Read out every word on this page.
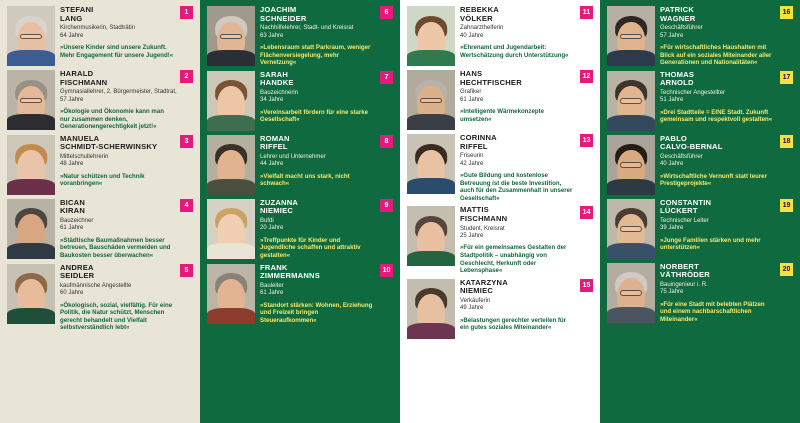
STEFANI
LANG
Kirchenmusikerin, Stadträtin
64 Jahre
»Unsere Kinder sind unsere Zukunft. Mehr Engagement für unsere Jugend!«
1
HARALD
FISCHMANN
Gymnasiallehrer, 2. Bürgermeister, Stadtrat, 57 Jahre
»Ökologie und Ökonomie kann man nur zusammen denken, Generationengerechtigkeit jetzt!«
2
MANUELA
SCHMIDT-SCHERWINSKY
Mittelschullehrerin
48 Jahre
»Natur schützen und Technik voranbringen«
3
BICAN
KIRAN
Bauzeichner
61 Jahre
»Städtische Baumaßnahmen besser betreuen, Bauschäden vermeiden und Baukosten besser überwachen«
4
ANDREA
SEIDLER
kaufmännische Angestellte
60 Jahre
»Ökologisch, sozial, vielfältig. Für eine Politik, die Natur schützt, Menschen gerecht behandelt und Vielfalt selbstverständlich lebt«
5
JOACHIM
SCHNEIDER
Nachhilfelehrer, Stadt- und Kreisrat
63 Jahre
»Lebensraum statt Parkraum, weniger Flächenversiegelung, mehr Vernetzung«
6
SARAH
HANDKE
Bauzeichnerin
34 Jahre
»Vereinsarbeit fördern für eine starke Gesellschaft«
7
ROMAN
RIFFEL
Lehrer und Unternehmer
44 Jahre
»Vielfalt macht uns stark, nicht schwach«
8
ZUZANNA
NIEMIEC
Bufdi
20 Jahre
»Treffpunkte für Kinder und Jugendliche schaffen und attraktiv gestalten«
9
FRANK
ZIMMERMANNS
Bauleiter
61 Jahre
»Standort stärken: Wohnen, Erziehung und Freizeit bringen Steueraufkommen«
10
REBEKKA
VÖLKER
Zahnarzthelferin
40 Jahre
»Ehrenamt und Jugendarbeit: Wertschätzung durch Unterstützung«
11
HANS
HECHTFISCHER
Grafiker
61 Jahre
»Intelligente Wärmekonzepte umsetzen«
12
CORINNA
RIFFEL
Friseurin
42 Jahre
»Gute Bildung und kostenlose Betreuung ist die beste Investition, auch für den Zusammenhalt in unserer Gesellschaft«
13
MATTIS
FISCHMANN
Student, Kreisrat
25 Jahre
»Für ein gemeinsames Gestalten der Stadtpolitik – unabhängig von Geschlecht, Herkunft oder Lebensphase«
14
KATARZYNA
NIEMIEC
Verkäuferin
49 Jahre
»Belastungen gerechter verteilen für ein gutes soziales Miteinander«
15
PATRICK
WAGNER
Geschäftsführer
57 Jahre
»Für wirtschaftliches Haushalten mit Blick auf ein soziales Miteinander aller Generationen und Nationalitäten«
16
THOMAS
ARNOLD
Technischer Angestellter
51 Jahre
»Drei Stadtteile = EINE Stadt. Zukunft gemeinsam und respektvoll gestalten«
17
PABLO
CALVO-BERNAL
Geschäftsführer
40 Jahre
»Wirtschaftliche Vernunft statt teurer Prestigeprojekte«
18
CONSTANTIN
LÜCKERT
Technischer Leiter
39 Jahre
»Junge Familien stärken und mehr unterstützen«
19
NORBERT
VÄTHRÖDER
Bauingenieur i. R.
75 Jahre
»Für eine Stadt mit belebten Plätzen und einem nachbarschaftlichen Miteinander«
20
